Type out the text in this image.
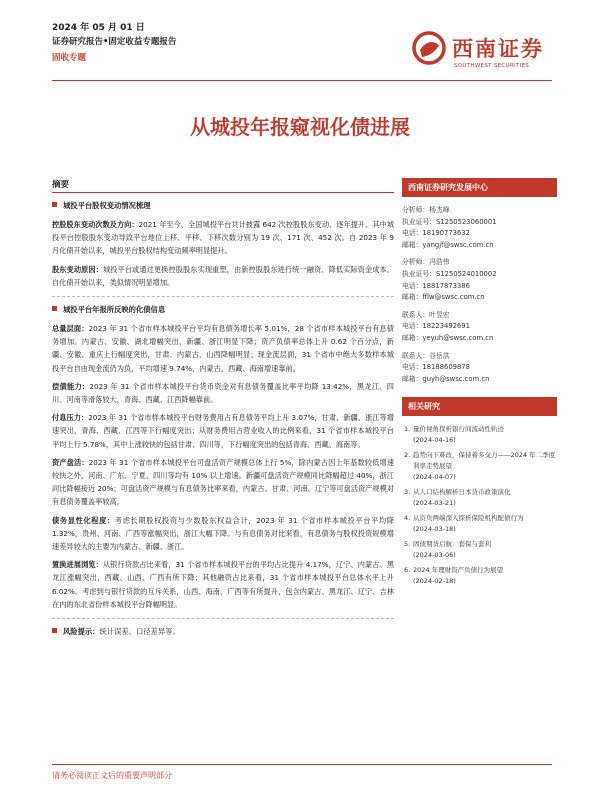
2024 年 05 月 01 日
证券研究报告•固定收益专题报告
固收专题	西南证券
SOUTHWEST SECURITIES
从城投年报窥视化债进展
摘要
城投平台股权变动情况梳理
控股股东变动次数及方向：2021 年至今，全国城投平台共计披露 642 次控股股东变动、逐年提升。其中城投平台控股股东变动导致平台地位上移、平移、下移次数分别为 19 次、171 次、452 次。自 2023 年 9 月化债开始以来，城投平台股权结构变动频率明显提升。
股东变动原因：城投平台或通过更换控股股东实现重塑，由新控股股东进行统一融资、降低实际资金成本。自化债开始以来，类似情况明显增加。
城投平台年报所反映的化债信息
总量层面：2023 年 31 个省市样本城投平台平均有息债务增长率 5.01%，28 个省市样本城投平台有息债务增加。内蒙古、安徽、湖北增幅突出，新疆、浙江明显下降；资产负债率总体上升 0.62 个百分点，新疆、安徽、重庆上行幅度突出，甘肃、内蒙古、山西降幅明显；现金流层面，31 个省市中绝大多数样本城投平台自由现金流仍为负，平均增速 9.74%，内蒙古、西藏、海南增速靠前。
偿债能力：2023 年 31 个省市样本城投平台货币资金对有息债务覆盖比率平均降 13.42%，黑龙江、四川、河南等滑落较大，青海、西藏、江西降幅靠前。
付息压力：2023 年 31 个省市样本城投平台财务费用占有息债务平均上升 3.07%，甘肃、新疆、浙江等增速突出，青海、西藏、江西等下行幅度突出；从财务费用占营业收入的比例来看，31 个省市样本城投平台平均上行 5.78%，其中上涨较快的包括甘肃、四川等，下行幅度突出的包括青海、西藏、海南等。
资产盘活：2023 年 31 个省市样本城投平台可盘活资产规模总体上行 5%，除内蒙古因上年基数较低增速较快之外，河南、广东、宁夏、四川等均有 10% 以上增速。新疆可盘活资产规模同比降幅超过 40%，浙江同比降幅接近 20%；可盘活资产规模与有息债务比率来看，内蒙古、甘肃、河南、辽宁等可盘活资产规模对有息债务覆盖率较高。
债务显性化程度：考虑长期股权投资与少数股东权益合计，2023 年 31 个省市样本城投平台平均降 1.32%，贵州、河南、广西等涨幅突出，浙江大幅下降。与有息债务对比来看，有息债务与股权投资规模增速差异较大的主要为内蒙古、新疆、浙江。
置换进展浏览：从银行贷款占比来看，31 个省市样本城投平台的平均占比提升 4.17%，辽宁、内蒙古、黑龙江涨幅突出，西藏、山西、广西有所下降；其他融资占比来看，31 个省市样本城投平台总体水平上升 6.02%。考虑到与银行贷款的互斥关系，山西、海南、广西等有所提升，包含内蒙古、黑龙江、辽宁、吉林在内的东北省份样本城投平台降幅明显。
风险提示：统计误差、口径差异等。
西南证券研究发展中心
分析师：杨杰峰
执业证号：S1250523060001
电话：18190773632
邮箱：yangjf@swsc.com.cn
分析师：冯浩伟
执业证号：S1250524010002
电话：18817873386
邮箱：fflw@swsc.com.cn
联系人：叶昱宏
电话：18223492691
邮箱：yeyuh@swsc.com.cn
联系人：谷岳洪
电话：18188609878
邮箱：guyh@swsc.com.cn
相关研究
1. 量价视角探析银行间流动性轨迹
(2024-04-16)
2. 趋势向下难改，保持着多交力——2024 年二季度利率走势展望
(2024-04-07)
3. 从人口结构解析日本货币政策演化
(2024-03-21)
4. 从资负两端深入探析保险机构配债行为
(2024-03-18)
5. 固债期货启航：套保与套利
(2024-03-06)
6. 2024 年理财资产负债行为展望
(2024-02-18)
请务必阅读正文后的重要声明部分
